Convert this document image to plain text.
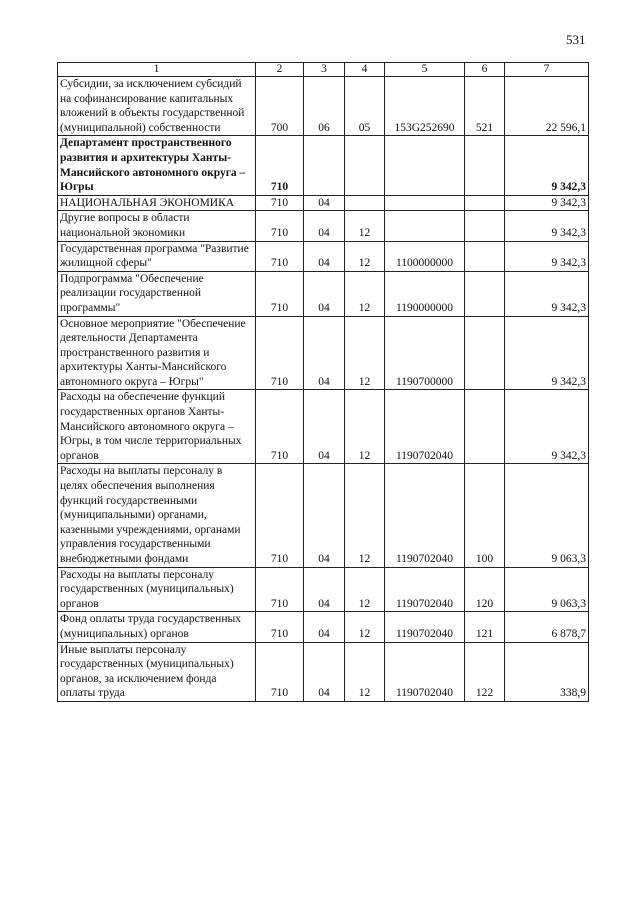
531
1	2	3	4	5	6	7
Субсидии, за исключением субсидий на софинансирование капитальных вложений в объекты государственной (муниципальной) собственности	700	06	05	153G252690	521	22 596,1
Департамент пространственного развития и архитектуры Ханты-Мансийского автономного округа – Югры	710					9 342,3
НАЦИОНАЛЬНАЯ ЭКОНОМИКА	710	04				9 342,3
Другие вопросы в области национальной экономики	710	04	12			9 342,3
Государственная программа "Развитие жилищной сферы"	710	04	12	1100000000		9 342,3
Подпрограмма "Обеспечение реализации государственной программы"	710	04	12	1190000000		9 342,3
Основное мероприятие "Обеспечение деятельности Департамента пространственного развития и архитектуры Ханты-Мансийского автономного округа – Югры"	710	04	12	1190700000		9 342,3
Расходы на обеспечение функций государственных органов Ханты-Мансийского автономного округа – Югры, в том числе территориальных органов	710	04	12	1190702040		9 342,3
Расходы на выплаты персоналу в целях обеспечения выполнения функций государственными (муниципальными) органами, казенными учреждениями, органами управления государственными внебюджетными фондами	710	04	12	1190702040	100	9 063,3
Расходы на выплаты персоналу государственных (муниципальных) органов	710	04	12	1190702040	120	9 063,3
Фонд оплаты труда государственных (муниципальных) органов	710	04	12	1190702040	121	6 878,7
Иные выплаты персоналу государственных (муниципальных) органов, за исключением фонда оплаты труда	710	04	12	1190702040	122	338,9
